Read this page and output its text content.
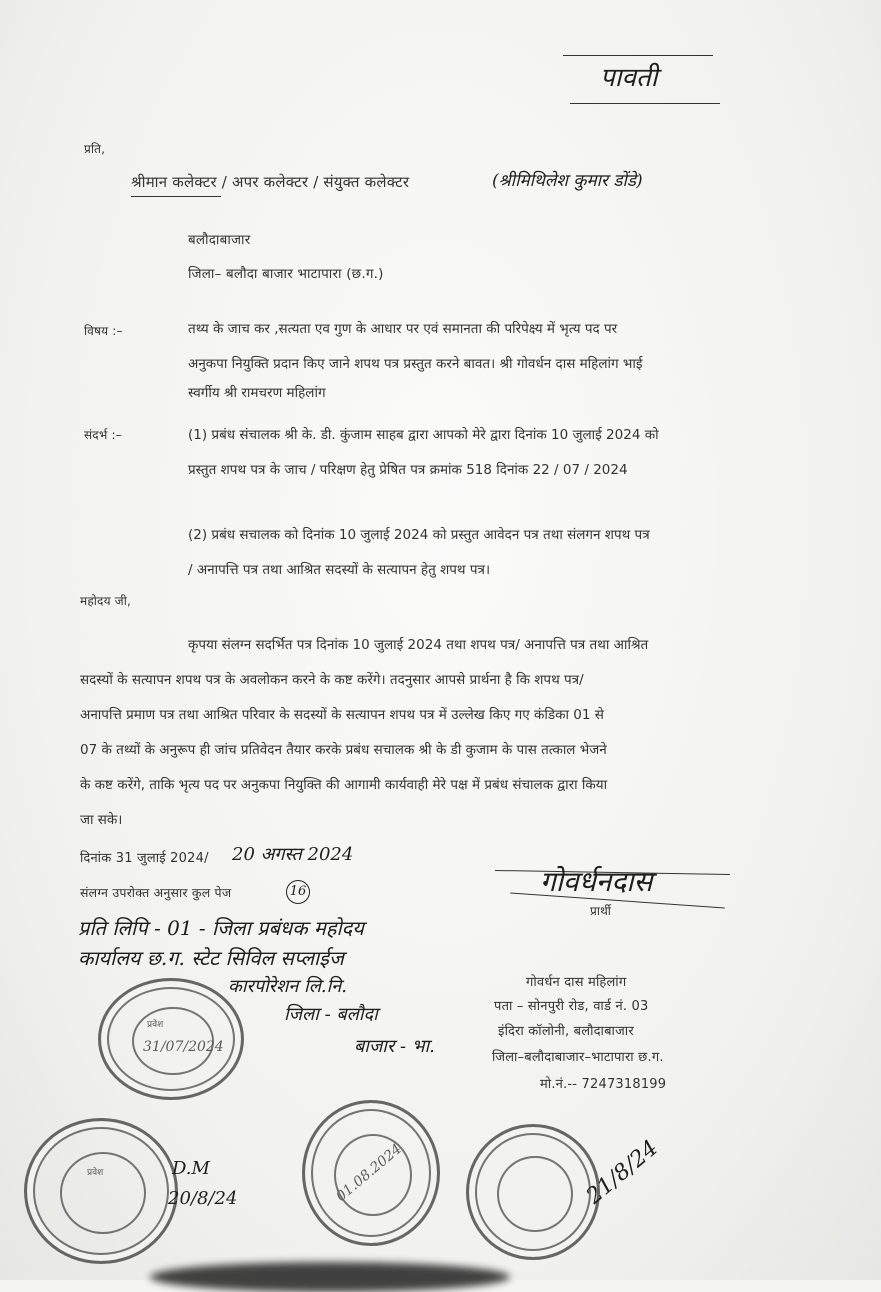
पावती
प्रति,
श्रीमान कलेक्टर / अपर कलेक्टर / संयुक्त कलेक्टर	(श्रीमिथिलेश कुमार डोंडे)
बलौदाबाजार
जिला– बलौदा बाजार भाटापारा (छ.ग.)
विषय :–	तथ्य के जाच कर ,सत्यता एव गुण के आधार पर एवं समानता की परिपेक्ष्य में भृत्य पद पर
अनुकपा नियुक्ति प्रदान किए जाने शपथ पत्र प्रस्तुत करने बावत। श्री गोवर्धन दास महिलांग भाई
स्वर्गीय श्री रामचरण महिलांग
संदर्भ :–	(1) प्रबंध संचालक श्री के. डी. कुंजाम साहब द्वारा आपको मेरे द्वारा दिनांक 10 जुलाई 2024 को
प्रस्तुत शपथ पत्र के जाच / परिक्षण हेतु प्रेषित पत्र क्रमांक 518 दिनांक 22 / 07 / 2024
(2) प्रबंध सचालक को दिनांक 10 जुलाई 2024 को प्रस्तुत आवेदन पत्र तथा संलगन शपथ पत्र
/ अनापत्ति पत्र तथा आश्रित सदस्यों के सत्यापन हेतु शपथ पत्र।
महोदय जी,
कृपया संलग्न सदर्भित पत्र दिनांक 10 जुलाई 2024 तथा शपथ पत्र/ अनापत्ति पत्र तथा आश्रित
सदस्यों के सत्यापन शपथ पत्र के अवलोकन करने के कष्ट करेंगे। तदनुसार आपसे प्रार्थना है कि शपथ पत्र/
अनापत्ति प्रमाण पत्र तथा आश्रित परिवार के सदस्यों के सत्यापन शपथ पत्र में उल्लेख किए गए कंडिका 01 से
07 के तथ्यों के अनुरूप ही जांच प्रतिवेदन तैयार करके प्रबंध सचालक श्री के डी कुजाम के पास तत्काल भेजने
के कष्ट करेंगे, ताकि भृत्य पद पर अनुकपा नियुक्ति की आगामी कार्यवाही मेरे पक्ष में प्रबंध संचालक द्वारा किया
जा सके।
दिनांक 31 जुलाई 2024/ 20 अगस्त 2024
संलग्न उपरोक्त अनुसार कुल पेज	16
प्रति लिपि - 01 - जिला प्रबंधक महोदय
कार्यालय छ.ग. स्टेट सिविल सप्लाईज
कारपोरेशन लि.नि.
जिला - बलौदा
बाजार - भा.
गोवर्धनदास
प्रार्थी
गोवर्धन दास महिलांग
पता – सोनपुरी रोड, वार्ड नं. 03
इंदिरा कॉलोनी, बलौदाबाजार
जिला–बलौदाबाजार–भाटापारा छ.ग.
मो.नं.-- 7247318199
प्रवेश
31/07/2024
प्रवेश	D.M
20/8/24	01.08.2024	21/8/24
